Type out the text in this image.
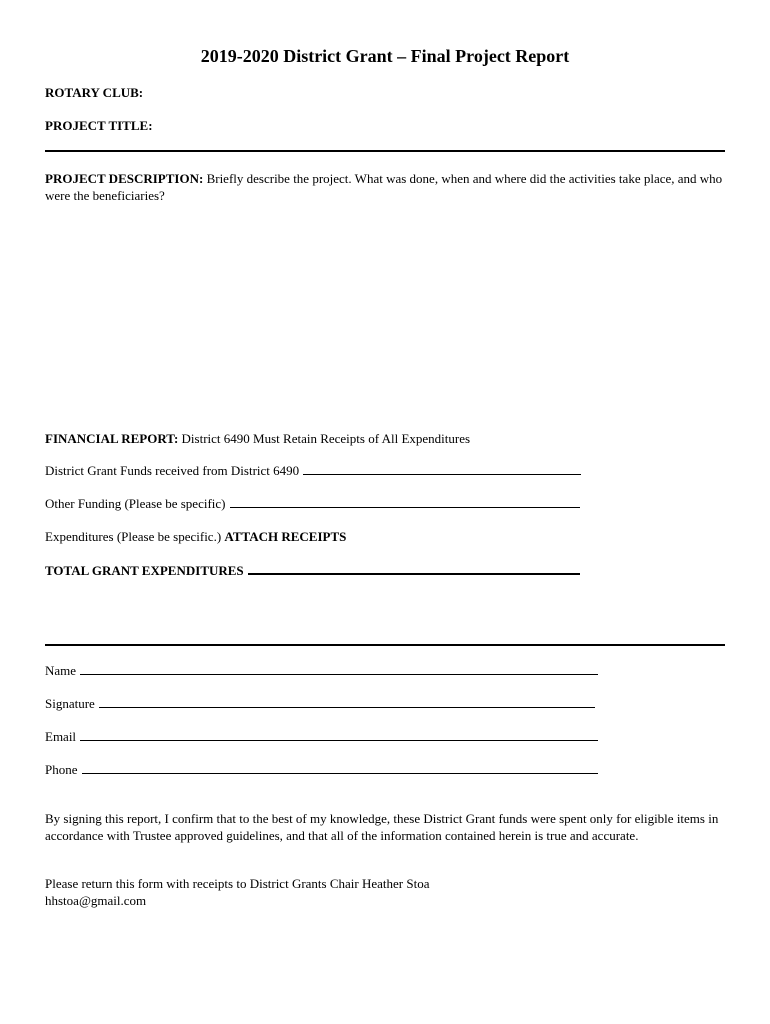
2019-2020 District Grant – Final Project Report
ROTARY CLUB:
PROJECT TITLE:
PROJECT DESCRIPTION: Briefly describe the project. What was done, when and where did the activities take place, and who were the beneficiaries?
FINANCIAL REPORT: District 6490 Must Retain Receipts of All Expenditures
District Grant Funds received from District 6490
Other Funding (Please be specific)
Expenditures (Please be specific.) ATTACH RECEIPTS
TOTAL GRANT EXPENDITURES
Name
Signature
Email
Phone
By signing this report, I confirm that to the best of my knowledge, these District Grant funds were spent only for eligible items in accordance with Trustee approved guidelines, and that all of the information contained herein is true and accurate.
Please return this form with receipts to District Grants Chair Heather Stoa
hhstoa@gmail.com
